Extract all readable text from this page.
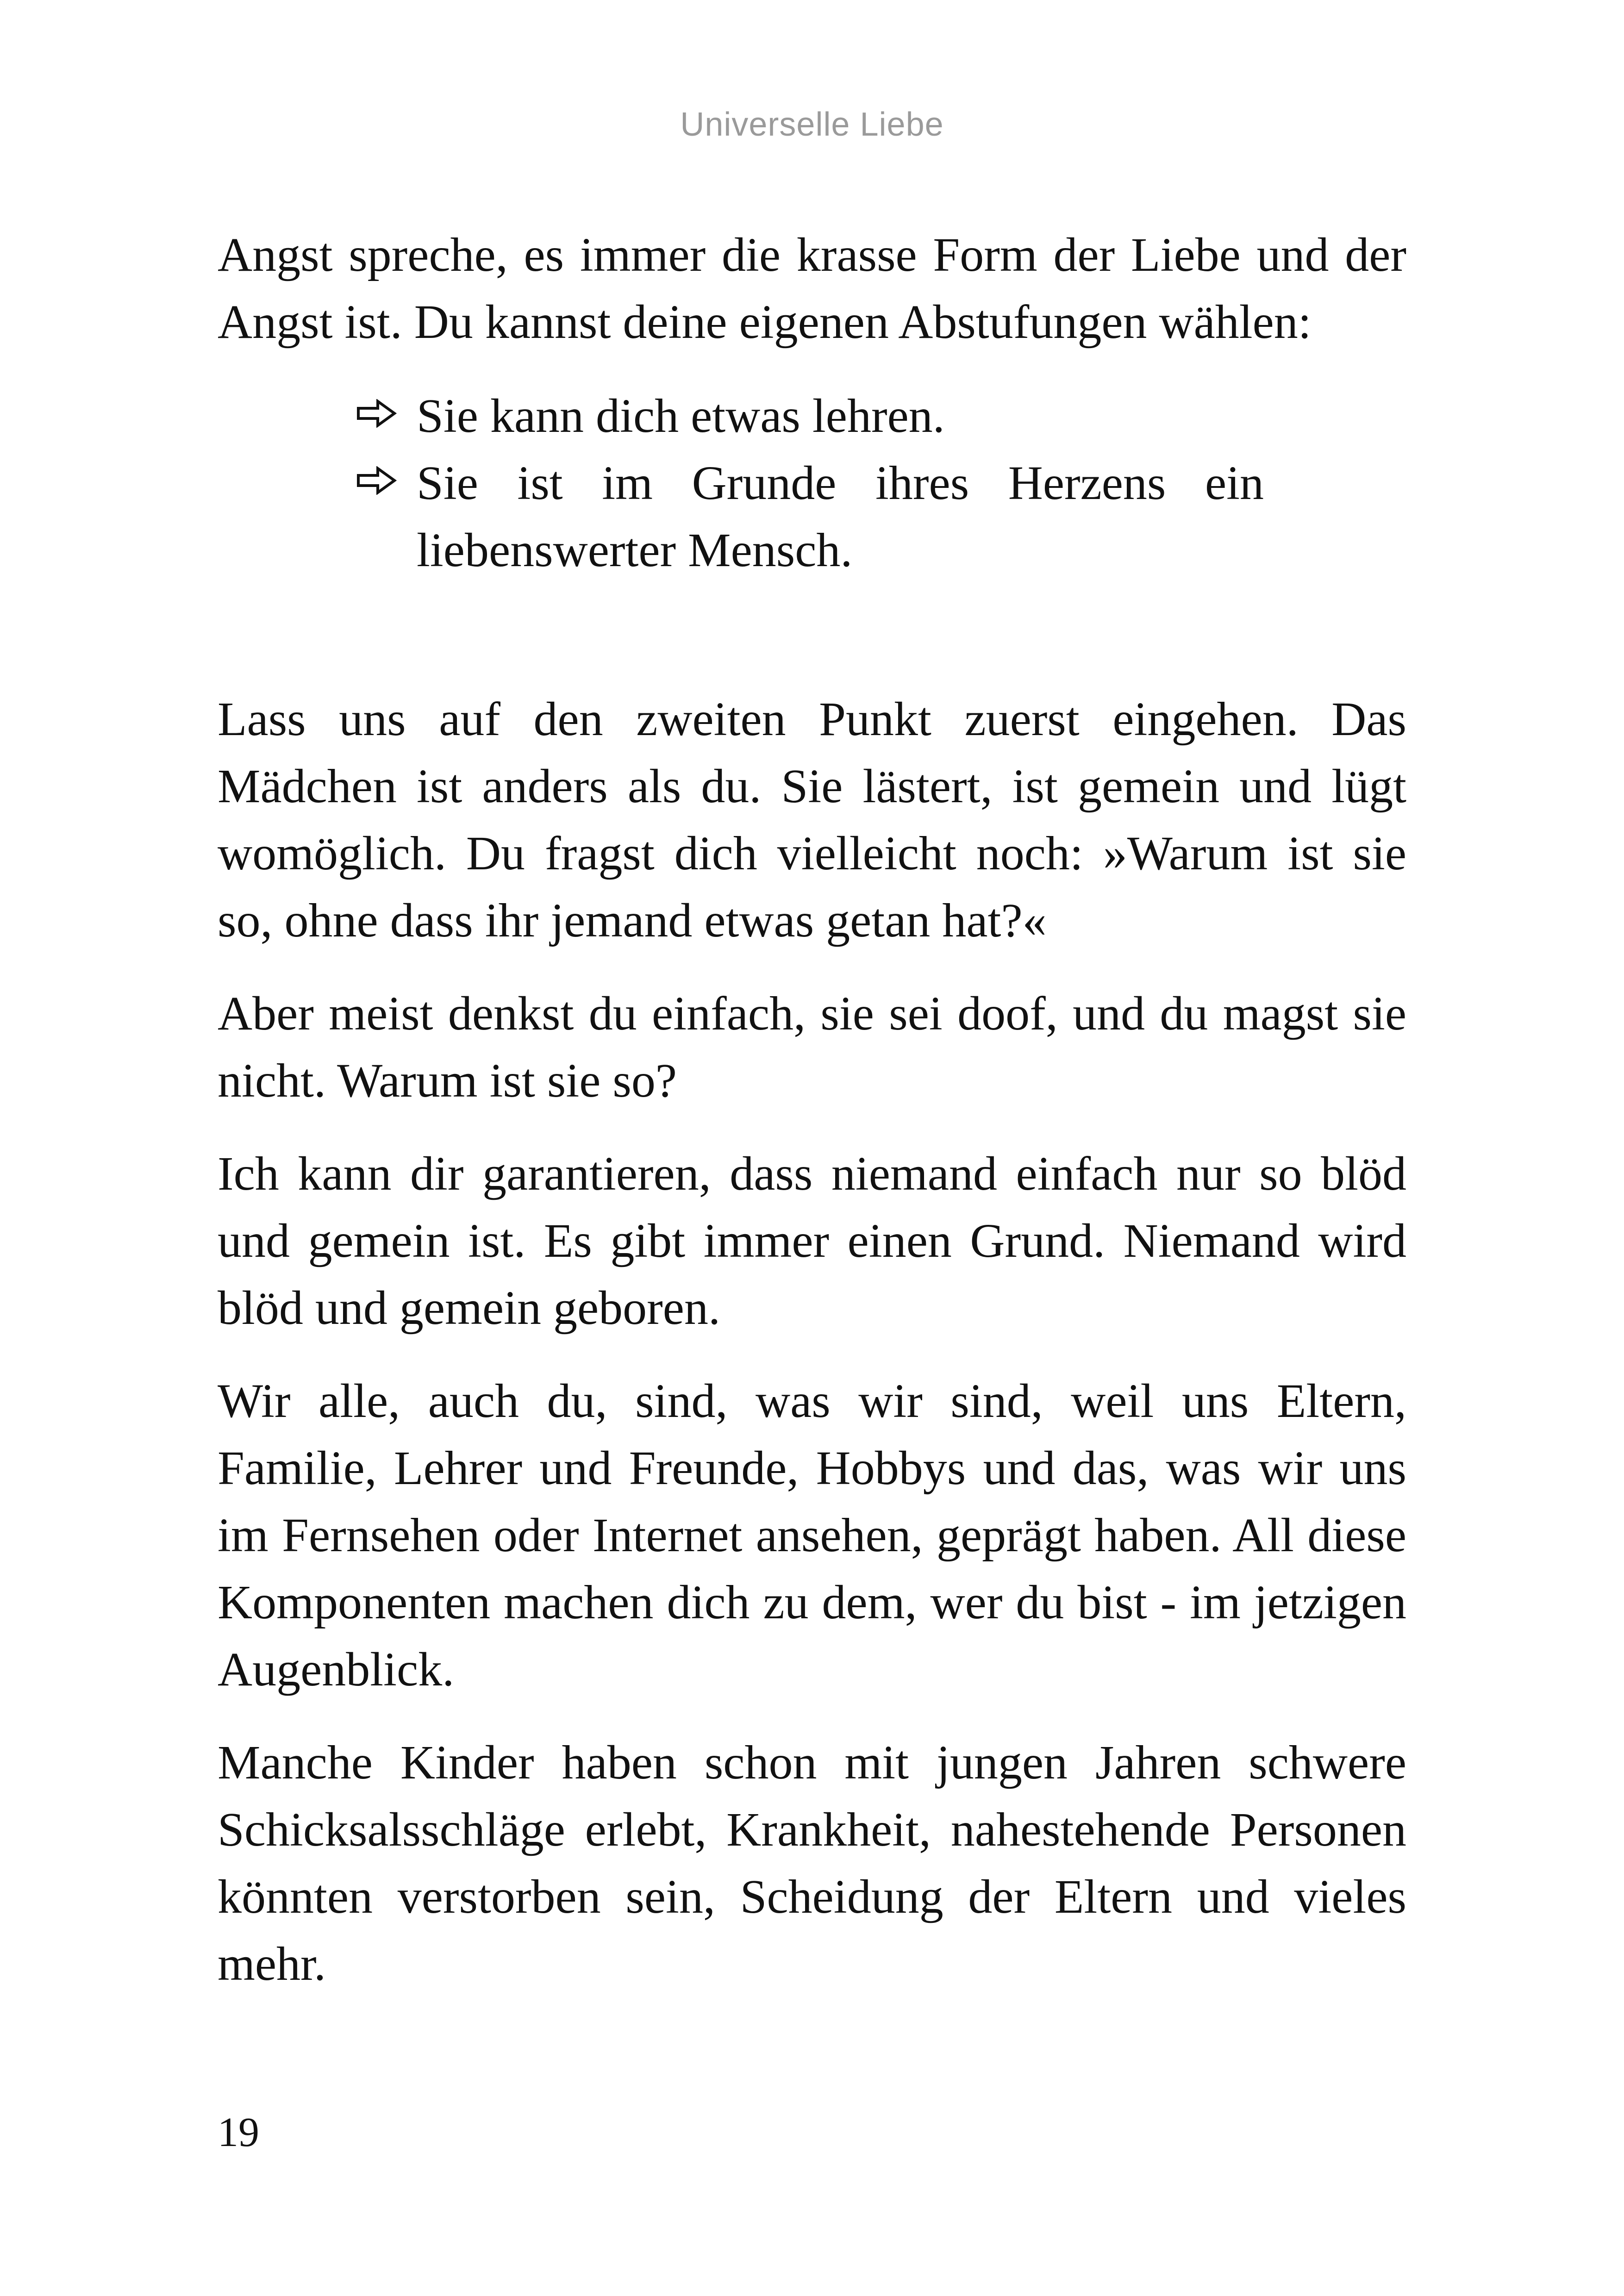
Universelle Liebe

Angst spreche, es immer die krasse Form der Liebe und der Angst ist. Du kannst deine eigenen Abstufungen wählen:

Sie kann dich etwas lehren.
Sie ist im Grunde ihres Herzens ein liebenswerter Mensch.

Lass uns auf den zweiten Punkt zuerst eingehen. Das Mädchen ist anders als du. Sie lästert, ist gemein und lügt womöglich. Du fragst dich vielleicht noch: »Warum ist sie so, ohne dass ihr jemand etwas getan hat?«

Aber meist denkst du einfach, sie sei doof, und du magst sie nicht. Warum ist sie so?

Ich kann dir garantieren, dass niemand einfach nur so blöd und gemein ist. Es gibt immer einen Grund. Niemand wird blöd und gemein geboren.

Wir alle, auch du, sind, was wir sind, weil uns Eltern, Familie, Lehrer und Freunde, Hobbys und das, was wir uns im Fernsehen oder Internet ansehen, geprägt haben. All diese Komponenten machen dich zu dem, wer du bist - im jetzigen Augenblick.

Manche Kinder haben schon mit jungen Jahren schwere Schicksalsschläge erlebt, Krankheit, nahestehende Personen könnten verstorben sein, Scheidung der Eltern und vieles mehr.

19
